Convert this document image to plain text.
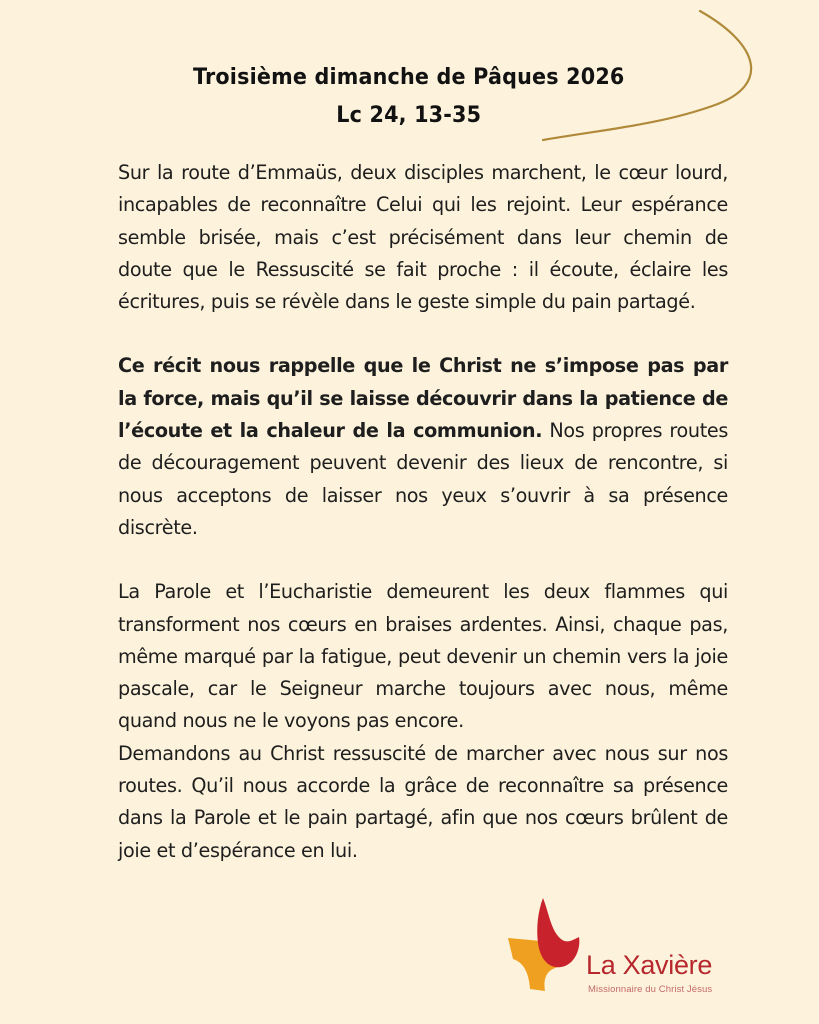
Troisième dimanche de Pâques 2026
Lc 24, 13-35

Sur la route d’Emmaüs, deux disciples marchent, le cœur lourd, incapables de reconnaître Celui qui les rejoint. Leur espérance semble brisée, mais c’est précisément dans leur chemin de doute que le Ressuscité se fait proche : il écoute, éclaire les écritures, puis se révèle dans le geste simple du pain partagé.

Ce récit nous rappelle que le Christ ne s’impose pas par la force, mais qu’il se laisse découvrir dans la patience de l’écoute et la chaleur de la communion. Nos propres routes de découragement peuvent devenir des lieux de rencontre, si nous acceptons de laisser nos yeux s’ouvrir à sa présence discrète.

La Parole et l’Eucharistie demeurent les deux flammes qui transforment nos cœurs en braises ardentes. Ainsi, chaque pas, même marqué par la fatigue, peut devenir un chemin vers la joie pascale, car le Seigneur marche toujours avec nous, même quand nous ne le voyons pas encore.

Demandons au Christ ressuscité de marcher avec nous sur nos routes. Qu’il nous accorde la grâce de reconnaître sa présence dans la Parole et le pain partagé, afin que nos cœurs brûlent de joie et d’espérance en lui.

La Xavière
Missionnaire du Christ Jésus
